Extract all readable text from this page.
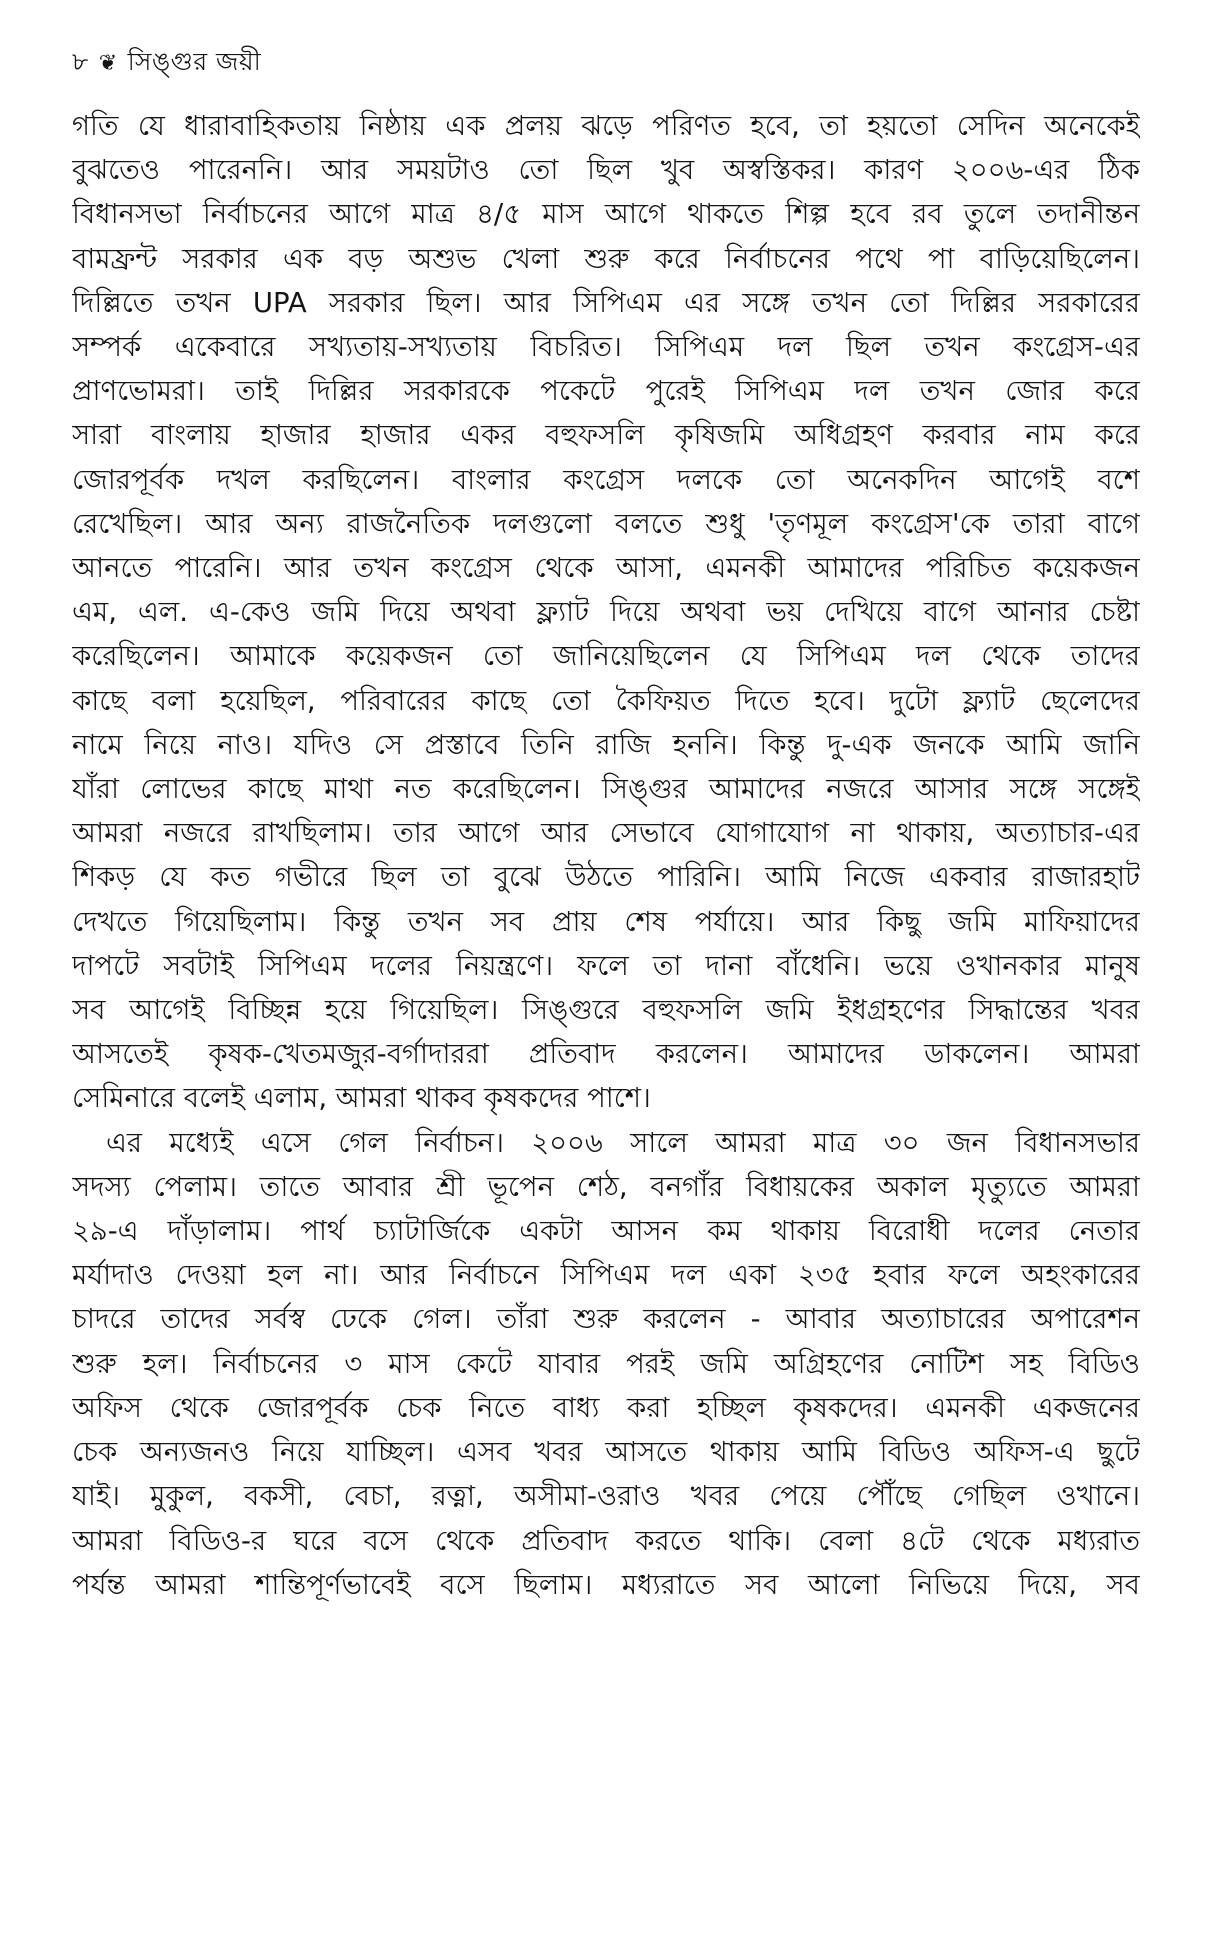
৮ ❦ সিঙ্গুর জয়ী
গতি যে ধারাবাহিকতায় নিষ্ঠায় এক প্রলয় ঝড়ে পরিণত হবে, তা হয়তো সেদিন অনেকেই
বুঝতেও পারেননি। আর সময়টাও তো ছিল খুব অস্বস্তিকর। কারণ ২০০৬-এর ঠিক
বিধানসভা নির্বাচনের আগে মাত্র ৪/৫ মাস আগে থাকতে শিল্প হবে রব তুলে তদানীন্তন
বামফ্রন্ট সরকার এক বড় অশুভ খেলা শুরু করে নির্বাচনের পথে পা বাড়িয়েছিলেন।
দিল্লিতে তখন UPA সরকার ছিল। আর সিপিএম এর সঙ্গে তখন তো দিল্লির সরকারের
সম্পর্ক একেবারে সখ্যতায়-সখ্যতায় বিচরিত। সিপিএম দল ছিল তখন কংগ্রেস-এর
প্রাণভোমরা। তাই দিল্লির সরকারকে পকেটে পুরেই সিপিএম দল তখন জোর করে
সারা বাংলায় হাজার হাজার একর বহুফসলি কৃষিজমি অধিগ্রহণ করবার নাম করে
জোরপূর্বক দখল করছিলেন। বাংলার কংগ্রেস দলকে তো অনেকদিন আগেই বশে
রেখেছিল। আর অন্য রাজনৈতিক দলগুলো বলতে শুধু 'তৃণমূল কংগ্রেস'কে তারা বাগে
আনতে পারেনি। আর তখন কংগ্রেস থেকে আসা, এমনকী আমাদের পরিচিত কয়েকজন
এম, এল. এ-কেও জমি দিয়ে অথবা ফ্ল্যাট দিয়ে অথবা ভয় দেখিয়ে বাগে আনার চেষ্টা
করেছিলেন। আমাকে কয়েকজন তো জানিয়েছিলেন যে সিপিএম দল থেকে তাদের
কাছে বলা হয়েছিল, পরিবারের কাছে তো কৈফিয়ত দিতে হবে। দুটো ফ্ল্যাট ছেলেদের
নামে নিয়ে নাও। যদিও সে প্রস্তাবে তিনি রাজি হননি। কিন্তু দু-এক জনকে আমি জানি
যাঁরা লোভের কাছে মাথা নত করেছিলেন। সিঙ্গুর আমাদের নজরে আসার সঙ্গে সঙ্গেই
আমরা নজরে রাখছিলাম। তার আগে আর সেভাবে যোগাযোগ না থাকায়, অত্যাচার-এর
শিকড় যে কত গভীরে ছিল তা বুঝে উঠতে পারিনি। আমি নিজে একবার রাজারহাট
দেখতে গিয়েছিলাম। কিন্তু তখন সব প্রায় শেষ পর্যায়ে। আর কিছু জমি মাফিয়াদের
দাপটে সবটাই সিপিএম দলের নিয়ন্ত্রণে। ফলে তা দানা বাঁধেনি। ভয়ে ওখানকার মানুষ
সব আগেই বিচ্ছিন্ন হয়ে গিয়েছিল। সিঙ্গুরে বহুফসলি জমি ইধগ্রহণের সিদ্ধান্তের খবর
আসতেই কৃষক-খেতমজুর-বর্গাদাররা প্রতিবাদ করলেন। আমাদের ডাকলেন। আমরা
সেমিনারে বলেই এলাম, আমরা থাকব কৃষকদের পাশে।
এর মধ্যেই এসে গেল নির্বাচন। ২০০৬ সালে আমরা মাত্র ৩০ জন বিধানসভার
সদস্য পেলাম। তাতে আবার শ্রী ভূপেন শেঠ, বনগাঁর বিধায়কের অকাল মৃত্যুতে আমরা
২৯-এ দাঁড়ালাম। পার্থ চ্যাটার্জিকে একটা আসন কম থাকায় বিরোধী দলের নেতার
মর্যাদাও দেওয়া হল না। আর নির্বাচনে সিপিএম দল একা ২৩৫ হবার ফলে অহংকারের
চাদরে তাদের সর্বস্ব ঢেকে গেল। তাঁরা শুরু করলেন - আবার অত্যাচারের অপারেশন
শুরু হল। নির্বাচনের ৩ মাস কেটে যাবার পরই জমি অগ্রিহণের নোটিশ সহ বিডিও
অফিস থেকে জোরপূর্বক চেক নিতে বাধ্য করা হচ্ছিল কৃষকদের। এমনকী একজনের
চেক অন্যজনও নিয়ে যাচ্ছিল। এসব খবর আসতে থাকায় আমি বিডিও অফিস-এ ছুটে
যাই। মুকুল, বকসী, বেচা, রত্না, অসীমা-ওরাও খবর পেয়ে পৌঁছে গেছিল ওখানে।
আমরা বিডিও-র ঘরে বসে থেকে প্রতিবাদ করতে থাকি। বেলা ৪টে থেকে মধ্যরাত
পর্যন্ত আমরা শান্তিপূর্ণভাবেই বসে ছিলাম। মধ্যরাতে সব আলো নিভিয়ে দিয়ে, সব
